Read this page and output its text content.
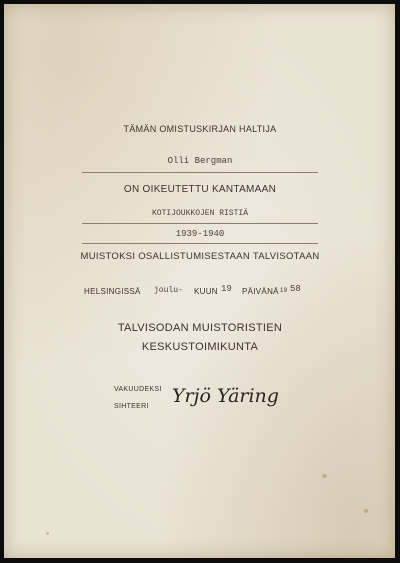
TÄMÄN OMISTUSKIRJAN HALTIJA
Olli Bergman
ON OIKEUTETTU KANTAMAAN
KOTIJOUKKOJEN RISTIÄ
1939-1940
MUISTOKSI OSALLISTUMISESTAAN TALVISOTAAN
HELSINGISSÄ joulu- KUUN 19 PÄIVÄNÄ 19 58
TALVISODAN MUISTORISTIEN
KESKUSTOIMIKUNTA
VAKUUDEKSI
SIHTEERI Yrjö Yäring
